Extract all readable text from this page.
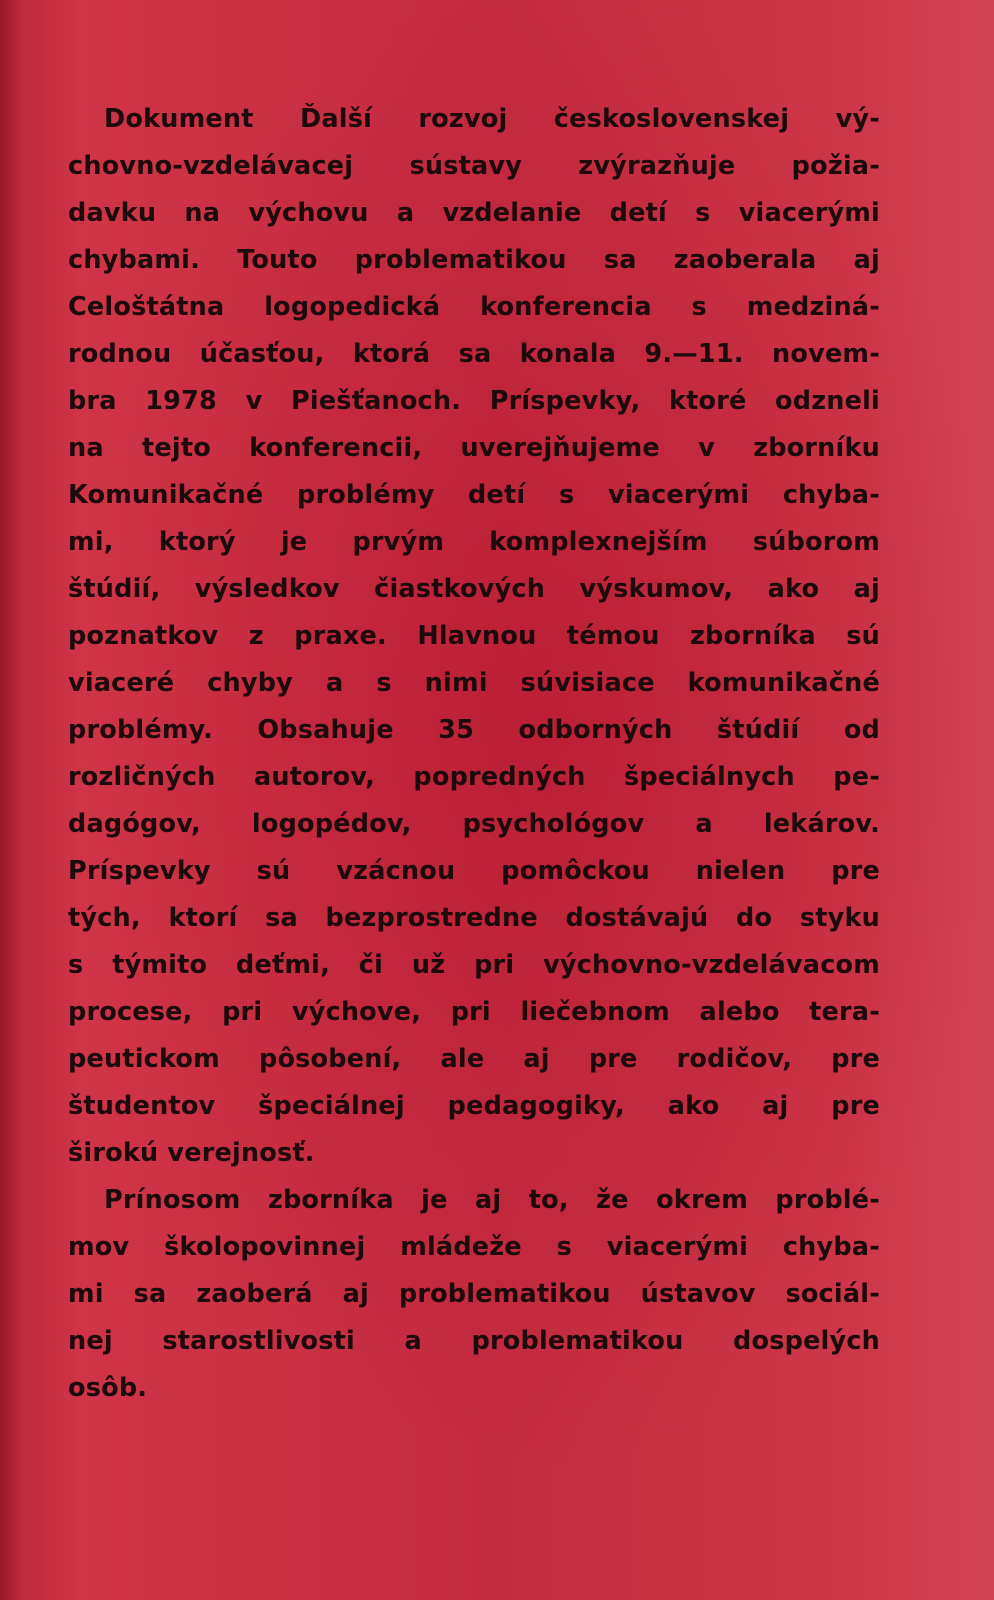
Dokument Ďalší rozvoj československej vý-
chovno-vzdelávacej sústavy zvýrazňuje požia-
davku na výchovu a vzdelanie detí s viacerými
chybami. Touto problematikou sa zaoberala aj
Celoštátna logopedická konferencia s medziná-
rodnou účasťou, ktorá sa konala 9.—11. novem-
bra 1978 v Piešťanoch. Príspevky, ktoré odzneli
na tejto konferencii, uverejňujeme v zborníku
Komunikačné problémy detí s viacerými chyba-
mi, ktorý je prvým komplexnejším súborom
štúdií, výsledkov čiastkových výskumov, ako aj
poznatkov z praxe. Hlavnou témou zborníka sú
viaceré chyby a s nimi súvisiace komunikačné
problémy. Obsahuje 35 odborných štúdií od
rozličných autorov, popredných špeciálnych pe-
dagógov, logopédov, psychológov a lekárov.
Príspevky sú vzácnou pomôckou nielen pre
tých, ktorí sa bezprostredne dostávajú do styku
s týmito deťmi, či už pri výchovno-vzdelávacom
procese, pri výchove, pri liečebnom alebo tera-
peutickom pôsobení, ale aj pre rodičov, pre
študentov špeciálnej pedagogiky, ako aj pre
širokú verejnosť.

Prínosom zborníka je aj to, že okrem problé-
mov školopovinnej mládeže s viacerými chyba-
mi sa zaoberá aj problematikou ústavov sociál-
nej starostlivosti a problematikou dospelých
osôb.
